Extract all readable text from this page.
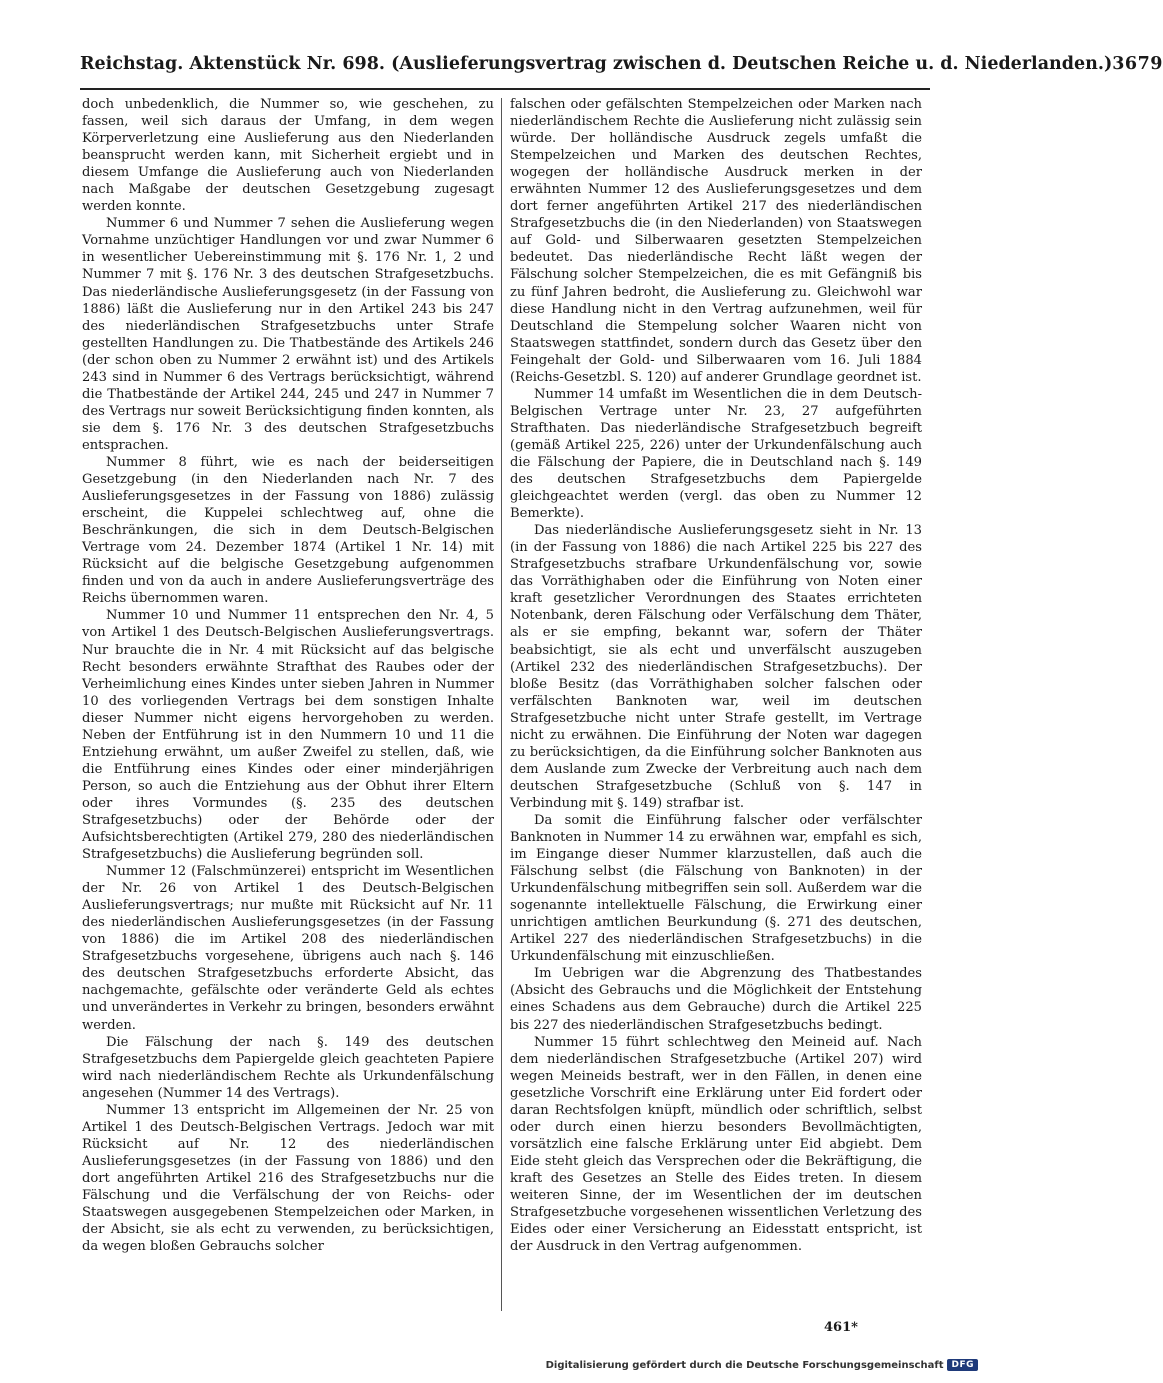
Reichstag. Aktenstück Nr. 698. (Auslieferungsvertrag zwischen d. Deutschen Reiche u. d. Niederlanden.) 3679

doch unbedenklich, die Nummer so, wie geschehen, zu fassen, weil sich daraus der Umfang, in dem wegen Körperverletzung eine Auslieferung aus den Niederlanden beansprucht werden kann, mit Sicherheit ergiebt und in diesem Umfange die Auslieferung auch von Niederlanden nach Maßgabe der deutschen Gesetzgebung zugesagt werden konnte.

Nummer 6 und Nummer 7 sehen die Auslieferung wegen Vornahme unzüchtiger Handlungen vor und zwar Nummer 6 in wesentlicher Uebereinstimmung mit §. 176 Nr. 1, 2 und Nummer 7 mit §. 176 Nr. 3 des deutschen Strafgesetzbuchs. Das niederländische Auslieferungsgesetz (in der Fassung von 1886) läßt die Auslieferung nur in den Artikel 243 bis 247 des niederländischen Strafgesetzbuchs unter Strafe gestellten Handlungen zu. Die Thatbestände des Artikels 246 (der schon oben zu Nummer 2 erwähnt ist) und des Artikels 243 sind in Nummer 6 des Vertrags berücksichtigt, während die Thatbestände der Artikel 244, 245 und 247 in Nummer 7 des Vertrags nur soweit Berücksichtigung finden konnten, als sie dem §. 176 Nr. 3 des deutschen Strafgesetzbuchs entsprachen.

Nummer 8 führt, wie es nach der beiderseitigen Gesetzgebung (in den Niederlanden nach Nr. 7 des Auslieferungsgesetzes in der Fassung von 1886) zulässig erscheint, die Kuppelei schlechtweg auf, ohne die Beschränkungen, die sich in dem Deutsch-Belgischen Vertrage vom 24. Dezember 1874 (Artikel 1 Nr. 14) mit Rücksicht auf die belgische Gesetzgebung aufgenommen finden und von da auch in andere Auslieferungsverträge des Reichs übernommen waren.

Nummer 10 und Nummer 11 entsprechen den Nr. 4, 5 von Artikel 1 des Deutsch-Belgischen Auslieferungsvertrags. Nur brauchte die in Nr. 4 mit Rücksicht auf das belgische Recht besonders erwähnte Strafthat des Raubes oder der Verheimlichung eines Kindes unter sieben Jahren in Nummer 10 des vorliegenden Vertrags bei dem sonstigen Inhalte dieser Nummer nicht eigens hervorgehoben zu werden. Neben der Entführung ist in den Nummern 10 und 11 die Entziehung erwähnt, um außer Zweifel zu stellen, daß, wie die Entführung eines Kindes oder einer minderjährigen Person, so auch die Entziehung aus der Obhut ihrer Eltern oder ihres Vormundes (§. 235 des deutschen Strafgesetzbuchs) oder der Behörde oder der Aufsichtsberechtigten (Artikel 279, 280 des niederländischen Strafgesetzbuchs) die Auslieferung begründen soll.

Nummer 12 (Falschmünzerei) entspricht im Wesentlichen der Nr. 26 von Artikel 1 des Deutsch-Belgischen Auslieferungsvertrags; nur mußte mit Rücksicht auf Nr. 11 des niederländischen Auslieferungsgesetzes (in der Fassung von 1886) die im Artikel 208 des niederländischen Strafgesetzbuchs vorgesehene, übrigens auch nach §. 146 des deutschen Strafgesetzbuchs erforderte Absicht, das nachgemachte, gefälschte oder veränderte Geld als echtes und unverändertes in Verkehr zu bringen, besonders erwähnt werden.

Die Fälschung der nach §. 149 des deutschen Strafgesetzbuchs dem Papiergelde gleich geachteten Papiere wird nach niederländischem Rechte als Urkundenfälschung angesehen (Nummer 14 des Vertrags).

Nummer 13 entspricht im Allgemeinen der Nr. 25 von Artikel 1 des Deutsch-Belgischen Vertrags. Jedoch war mit Rücksicht auf Nr. 12 des niederländischen Auslieferungsgesetzes (in der Fassung von 1886) und den dort angeführten Artikel 216 des Strafgesetzbuchs nur die Fälschung und die Verfälschung der von Reichs- oder Staatswegen ausgegebenen Stempelzeichen oder Marken, in der Absicht, sie als echt zu verwenden, zu berücksichtigen, da wegen bloßen Gebrauchs solcher

falschen oder gefälschten Stempelzeichen oder Marken nach niederländischem Rechte die Auslieferung nicht zulässig sein würde. Der holländische Ausdruck zegels umfaßt die Stempelzeichen und Marken des deutschen Rechtes, wogegen der holländische Ausdruck merken in der erwähnten Nummer 12 des Auslieferungsgesetzes und dem dort ferner angeführten Artikel 217 des niederländischen Strafgesetzbuchs die (in den Niederlanden) von Staatswegen auf Gold- und Silberwaaren gesetzten Stempelzeichen bedeutet. Das niederländische Recht läßt wegen der Fälschung solcher Stempelzeichen, die es mit Gefängniß bis zu fünf Jahren bedroht, die Auslieferung zu. Gleichwohl war diese Handlung nicht in den Vertrag aufzunehmen, weil für Deutschland die Stempelung solcher Waaren nicht von Staatswegen stattfindet, sondern durch das Gesetz über den Feingehalt der Gold- und Silberwaaren vom 16. Juli 1884 (Reichs-Gesetzbl. S. 120) auf anderer Grundlage geordnet ist.

Nummer 14 umfaßt im Wesentlichen die in dem Deutsch-Belgischen Vertrage unter Nr. 23, 27 aufgeführten Strafthaten. Das niederländische Strafgesetzbuch begreift (gemäß Artikel 225, 226) unter der Urkundenfälschung auch die Fälschung der Papiere, die in Deutschland nach §. 149 des deutschen Strafgesetzbuchs dem Papiergelde gleichgeachtet werden (vergl. das oben zu Nummer 12 Bemerkte).

Das niederländische Auslieferungsgesetz sieht in Nr. 13 (in der Fassung von 1886) die nach Artikel 225 bis 227 des Strafgesetzbuchs strafbare Urkundenfälschung vor, sowie das Vorräthighaben oder die Einführung von Noten einer kraft gesetzlicher Verordnungen des Staates errichteten Notenbank, deren Fälschung oder Verfälschung dem Thäter, als er sie empfing, bekannt war, sofern der Thäter beabsichtigt, sie als echt und unverfälscht auszugeben (Artikel 232 des niederländischen Strafgesetzbuchs). Der bloße Besitz (das Vorräthighaben solcher falschen oder verfälschten Banknoten war, weil im deutschen Strafgesetzbuche nicht unter Strafe gestellt, im Vertrage nicht zu erwähnen. Die Einführung der Noten war dagegen zu berücksichtigen, da die Einführung solcher Banknoten aus dem Auslande zum Zwecke der Verbreitung auch nach dem deutschen Strafgesetzbuche (Schluß von §. 147 in Verbindung mit §. 149) strafbar ist.

Da somit die Einführung falscher oder verfälschter Banknoten in Nummer 14 zu erwähnen war, empfahl es sich, im Eingange dieser Nummer klarzustellen, daß auch die Fälschung selbst (die Fälschung von Banknoten) in der Urkundenfälschung mitbegriffen sein soll. Außerdem war die sogenannte intellektuelle Fälschung, die Erwirkung einer unrichtigen amtlichen Beurkundung (§. 271 des deutschen, Artikel 227 des niederländischen Strafgesetzbuchs) in die Urkundenfälschung mit einzuschließen.

Im Uebrigen war die Abgrenzung des Thatbestandes (Absicht des Gebrauchs und die Möglichkeit der Entstehung eines Schadens aus dem Gebrauche) durch die Artikel 225 bis 227 des niederländischen Strafgesetzbuchs bedingt.

Nummer 15 führt schlechtweg den Meineid auf. Nach dem niederländischen Strafgesetzbuche (Artikel 207) wird wegen Meineids bestraft, wer in den Fällen, in denen eine gesetzliche Vorschrift eine Erklärung unter Eid fordert oder daran Rechtsfolgen knüpft, mündlich oder schriftlich, selbst oder durch einen hierzu besonders Bevollmächtigten, vorsätzlich eine falsche Erklärung unter Eid abgiebt. Dem Eide steht gleich das Versprechen oder die Bekräftigung, die kraft des Gesetzes an Stelle des Eides treten. In diesem weiteren Sinne, der im Wesentlichen der im deutschen Strafgesetzbuche vorgesehenen wissentlichen Verletzung des Eides oder einer Versicherung an Eidesstatt entspricht, ist der Ausdruck in den Vertrag aufgenommen.

461*
Digitalisierung gefördert durch die Deutsche Forschungsgemeinschaft DFG
